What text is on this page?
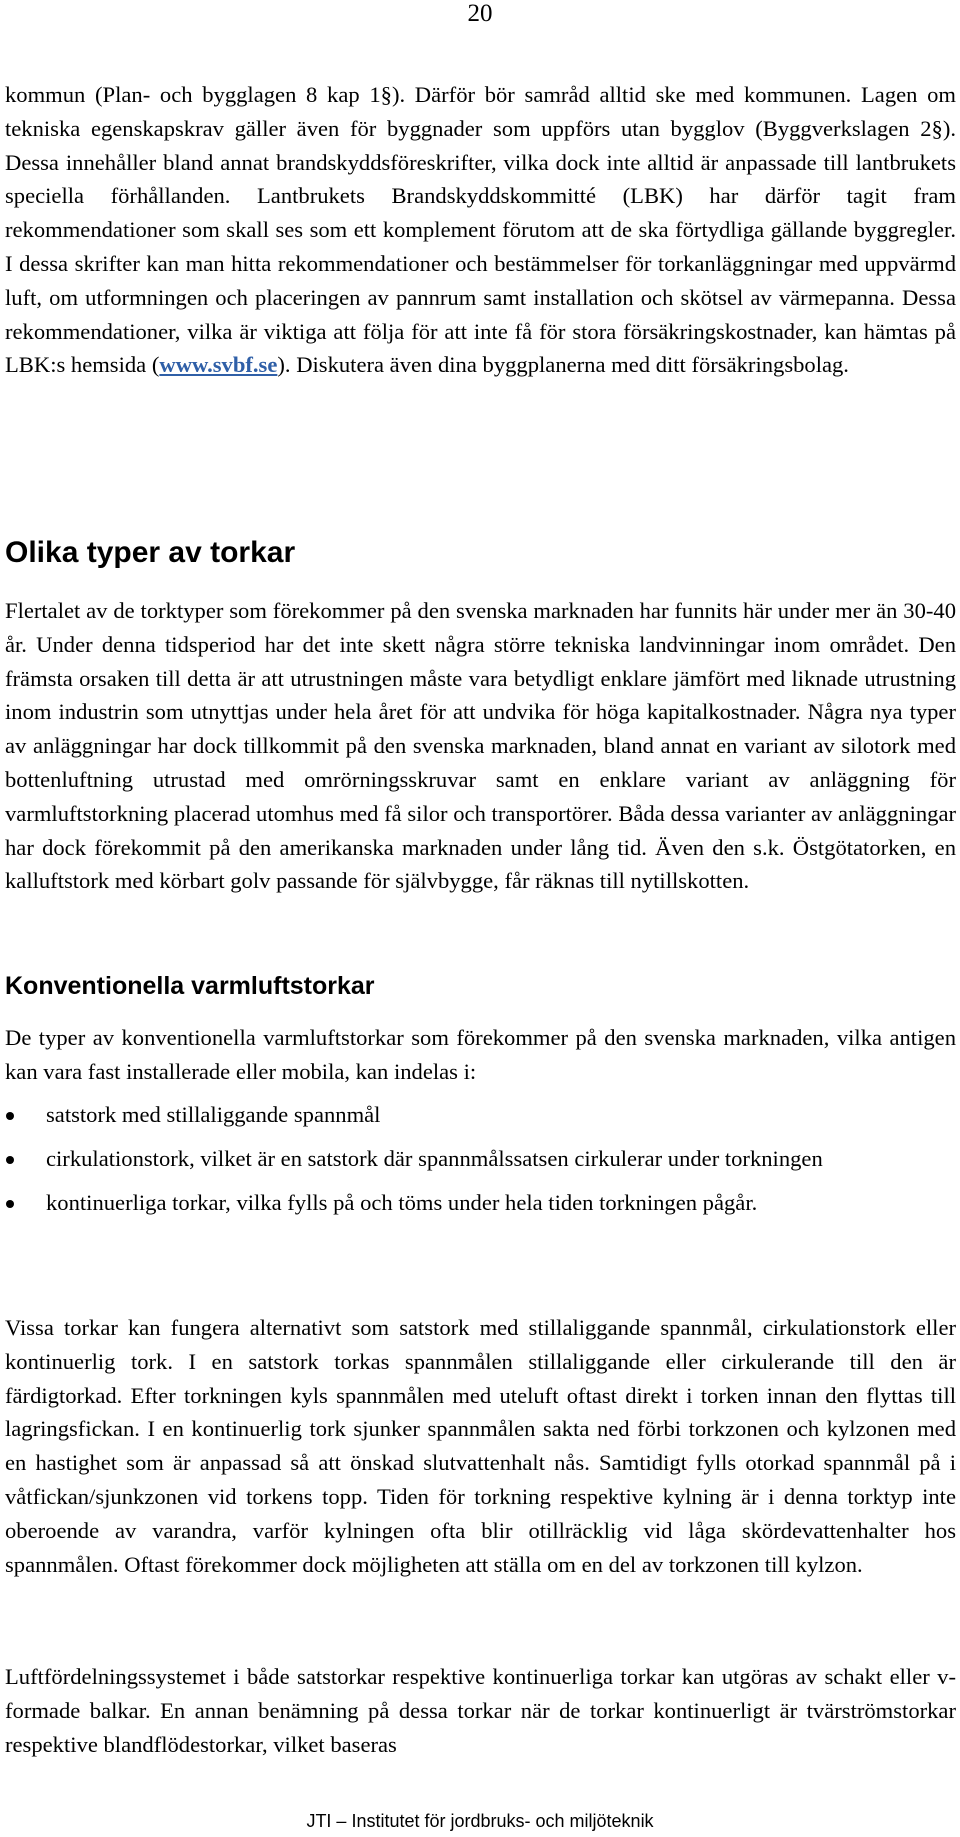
20

kommun (Plan- och bygglagen 8 kap 1§). Därför bör samråd alltid ske med kommunen. Lagen om tekniska egenskapskrav gäller även för byggnader som uppförs utan bygglov (Byggverkslagen 2§). Dessa innehåller bland annat brandskyddsföreskrifter, vilka dock inte alltid är anpassade till lantbrukets speciella förhållanden. Lantbrukets Brandskyddskommitté (LBK) har därför tagit fram rekommendationer som skall ses som ett komplement förutom att de ska förtydliga gällande byggregler. I dessa skrifter kan man hitta rekommendationer och bestämmelser för torkanläggningar med uppvärmd luft, om utformningen och placeringen av pannrum samt installation och skötsel av värmepanna. Dessa rekommendationer, vilka är viktiga att följa för att inte få för stora försäkringskostnader, kan hämtas på LBK:s hemsida (www.svbf.se). Diskutera även dina byggplanerna med ditt försäkringsbolag.

Olika typer av torkar

Flertalet av de torktyper som förekommer på den svenska marknaden har funnits här under mer än 30-40 år. Under denna tidsperiod har det inte skett några större tekniska landvinningar inom området. Den främsta orsaken till detta är att utrustningen måste vara betydligt enklare jämfört med liknade utrustning inom industrin som utnyttjas under hela året för att undvika för höga kapitalkostnader. Några nya typer av anläggningar har dock tillkommit på den svenska marknaden, bland annat en variant av silotork med bottenluftning utrustad med omrörningsskruvar samt en enklare variant av anläggning för varmluftstorkning placerad utomhus med få silor och transportörer. Båda dessa varianter av anläggningar har dock förekommit på den amerikanska marknaden under lång tid. Även den s.k. Östgötatorken, en kalluftstork med körbart golv passande för självbygge, får räknas till nytillskotten.

Konventionella varmluftstorkar

De typer av konventionella varmluftstorkar som förekommer på den svenska marknaden, vilka antigen kan vara fast installerade eller mobila, kan indelas i:

satstork med stillaliggande spannmål
cirkulationstork, vilket är en satstork där spannmålssatsen cirkulerar under torkningen
kontinuerliga torkar, vilka fylls på och töms under hela tiden torkningen pågår.

Vissa torkar kan fungera alternativt som satstork med stillaliggande spannmål, cirkulationstork eller kontinuerlig tork. I en satstork torkas spannmålen stillaliggande eller cirkulerande till den är färdigtorkad. Efter torkningen kyls spannmålen med uteluft oftast direkt i torken innan den flyttas till lagringsfickan. I en kontinuerlig tork sjunker spannmålen sakta ned förbi torkzonen och kylzonen med en hastighet som är anpassad så att önskad slutvattenhalt nås. Samtidigt fylls otorkad spannmål på i våtfickan/sjunkzonen vid torkens topp. Tiden för torkning respektive kylning är i denna torktyp inte oberoende av varandra, varför kylningen ofta blir otillräcklig vid låga skördevattenhalter hos spannmålen. Oftast förekommer dock möjligheten att ställa om en del av torkzonen till kylzon.

Luftfördelningssystemet i både satstorkar respektive kontinuerliga torkar kan utgöras av schakt eller v-formade balkar. En annan benämning på dessa torkar när de torkar kontinuerligt är tvärströmstorkar respektive blandflödestorkar, vilket baseras

JTI – Institutet för jordbruks- och miljöteknik
